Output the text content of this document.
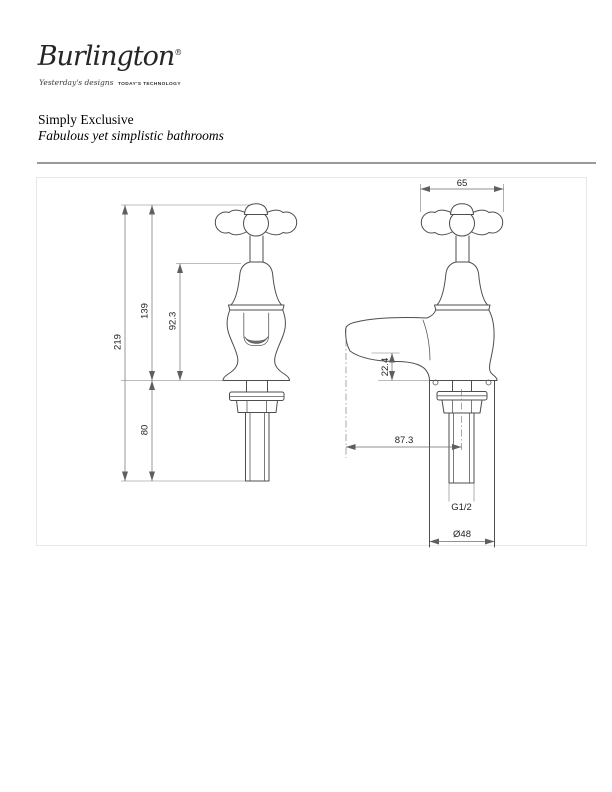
Burlington®
Yesterday's designs TODAY'S TECHNOLOGY
Simply Exclusive
Fabulous yet simplistic bathrooms
219
139
80
92.3
65
22.4
87.3
G1/2
Ø48
